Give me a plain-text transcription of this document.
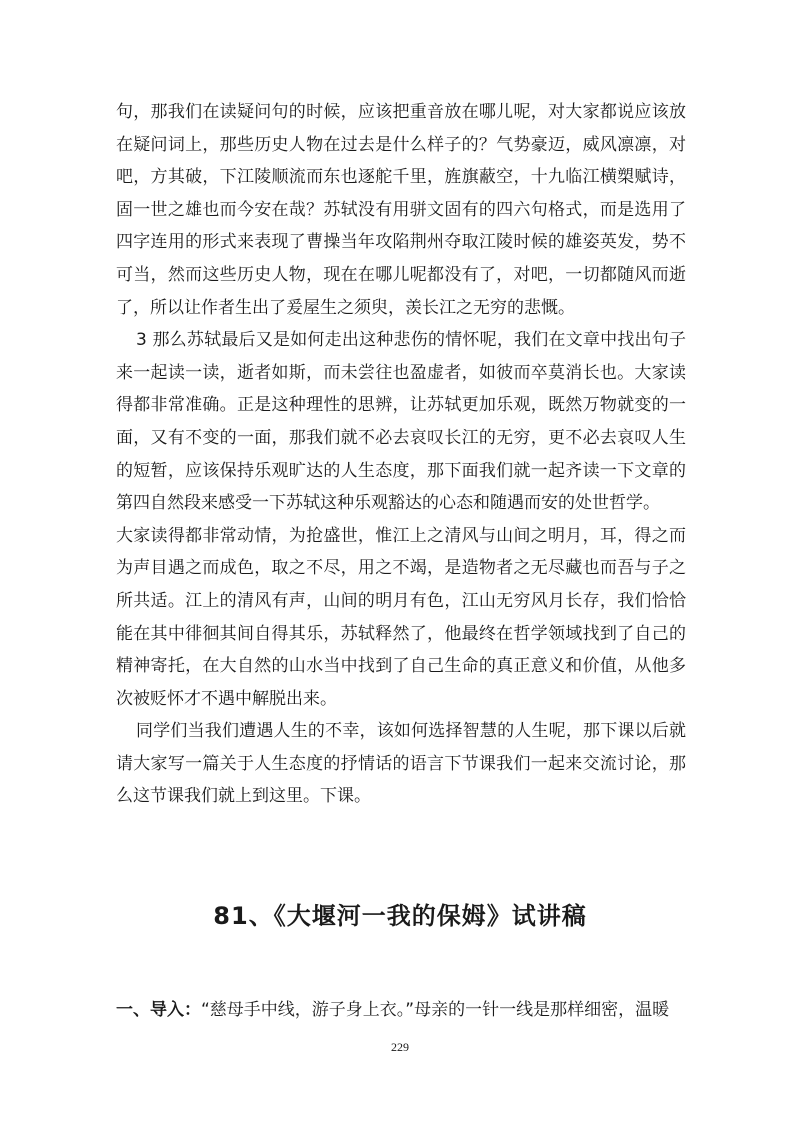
句，那我们在读疑问句的时候，应该把重音放在哪儿呢，对大家都说应该放在疑问词上，那些历史人物在过去是什么样子的？气势豪迈，威风凛凛，对吧，方其破，下江陵顺流而东也逐舵千里，旌旗蔽空，十九临江横槊赋诗，固一世之雄也而今安在哉？苏轼没有用骈文固有的四六句格式，而是选用了四字连用的形式来表现了曹操当年攻陷荆州夺取江陵时候的雄姿英发，势不可当，然而这些历史人物，现在在哪儿呢都没有了，对吧，一切都随风而逝了，所以让作者生出了爰屋生之须臾，羡长江之无穷的悲慨。

3 那么苏轼最后又是如何走出这种悲伤的情怀呢，我们在文章中找出句子来一起读一读，逝者如斯，而未尝往也盈虚者，如彼而卒莫消长也。大家读得都非常准确。正是这种理性的思辨，让苏轼更加乐观，既然万物就变的一面，又有不变的一面，那我们就不必去哀叹长江的无穷，更不必去哀叹人生的短暂，应该保持乐观旷达的人生态度，那下面我们就一起齐读一下文章的第四自然段来感受一下苏轼这种乐观豁达的心态和随遇而安的处世哲学。

大家读得都非常动情，为抢盛世，惟江上之清风与山间之明月，耳，得之而为声目遇之而成色，取之不尽，用之不竭，是造物者之无尽藏也而吾与子之所共适。江上的清风有声，山间的明月有色，江山无穷风月长存，我们恰恰能在其中徘徊其间自得其乐，苏轼释然了，他最终在哲学领域找到了自己的精神寄托，在大自然的山水当中找到了自己生命的真正意义和价值，从他多次被贬怀才不遇中解脱出来。

同学们当我们遭遇人生的不幸，该如何选择智慧的人生呢，那下课以后就请大家写一篇关于人生态度的抒情话的语言下节课我们一起来交流讨论，那么这节课我们就上到这里。下课。

81、《大堰河一我的保姆》试讲稿
一、导入：“慈母手中线，游子身上衣。”母亲的一针一线是那样细密，温暖
229
